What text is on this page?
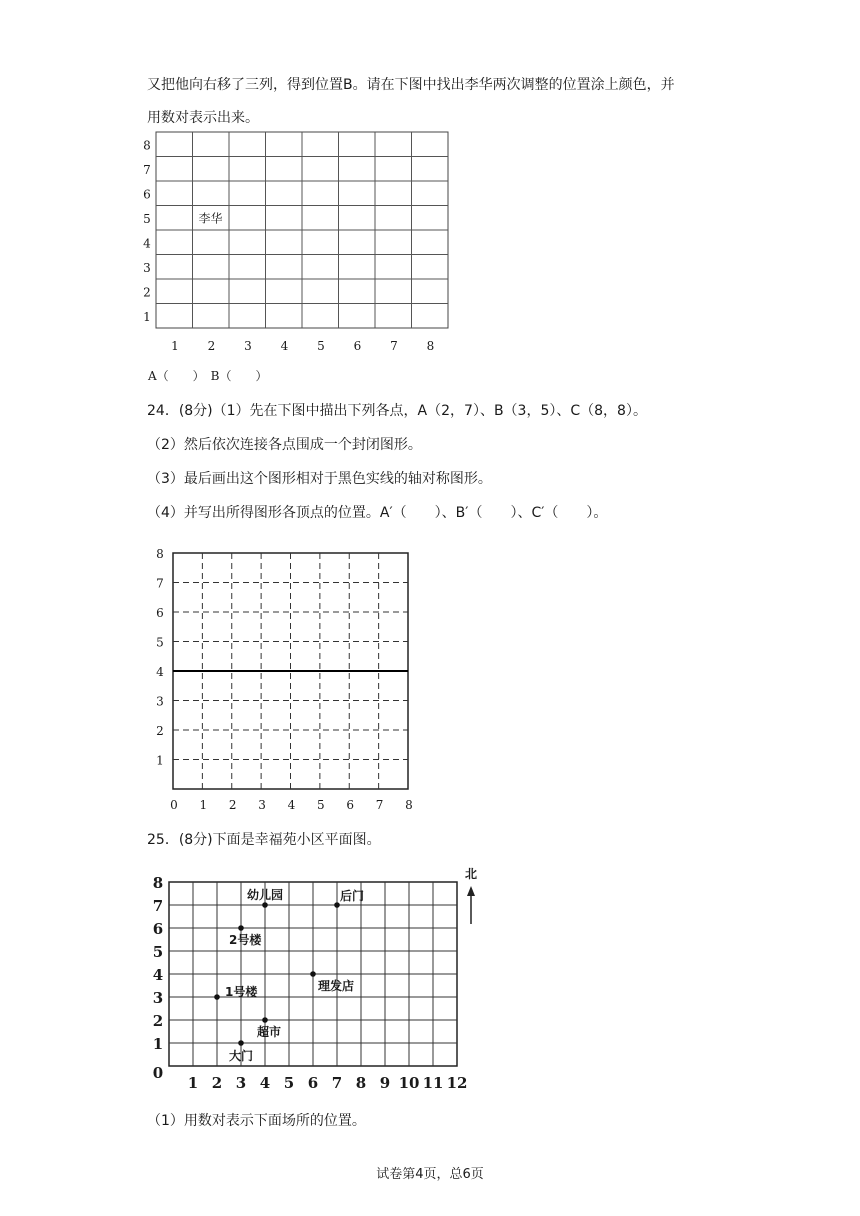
又把他向右移了三列，得到位置B。请在下图中找出李华两次调整的位置涂上颜色，并
用数对表示出来。
1
2
3
4
5
6
7
8
1 2 3 4 5 6 7 8
李华
A（　　）　B（　　）
24．(8分)（1）先在下图中描出下列各点，A（2，7）、B（3，5）、C（8，8）。
（2）然后依次连接各点围成一个封闭图形。
（3）最后画出这个图形相对于黑色实线的轴对称图形。
（4）并写出所得图形各顶点的位置。A′（　　）、B′（　　）、C′（　　）。
1
2
3
4
5
6
7
8
0 1 2 3 4 5 6 7 8
25．(8分)下面是幸福苑小区平面图。
1
2
3
4
5
6
7
8
0
1 2 3 4 5 6 7 8 9 10 11 12
北
幼儿园	后门
2号楼
理发店
1号楼
超市
大门
（1）用数对表示下面场所的位置。
试卷第4页，总6页
